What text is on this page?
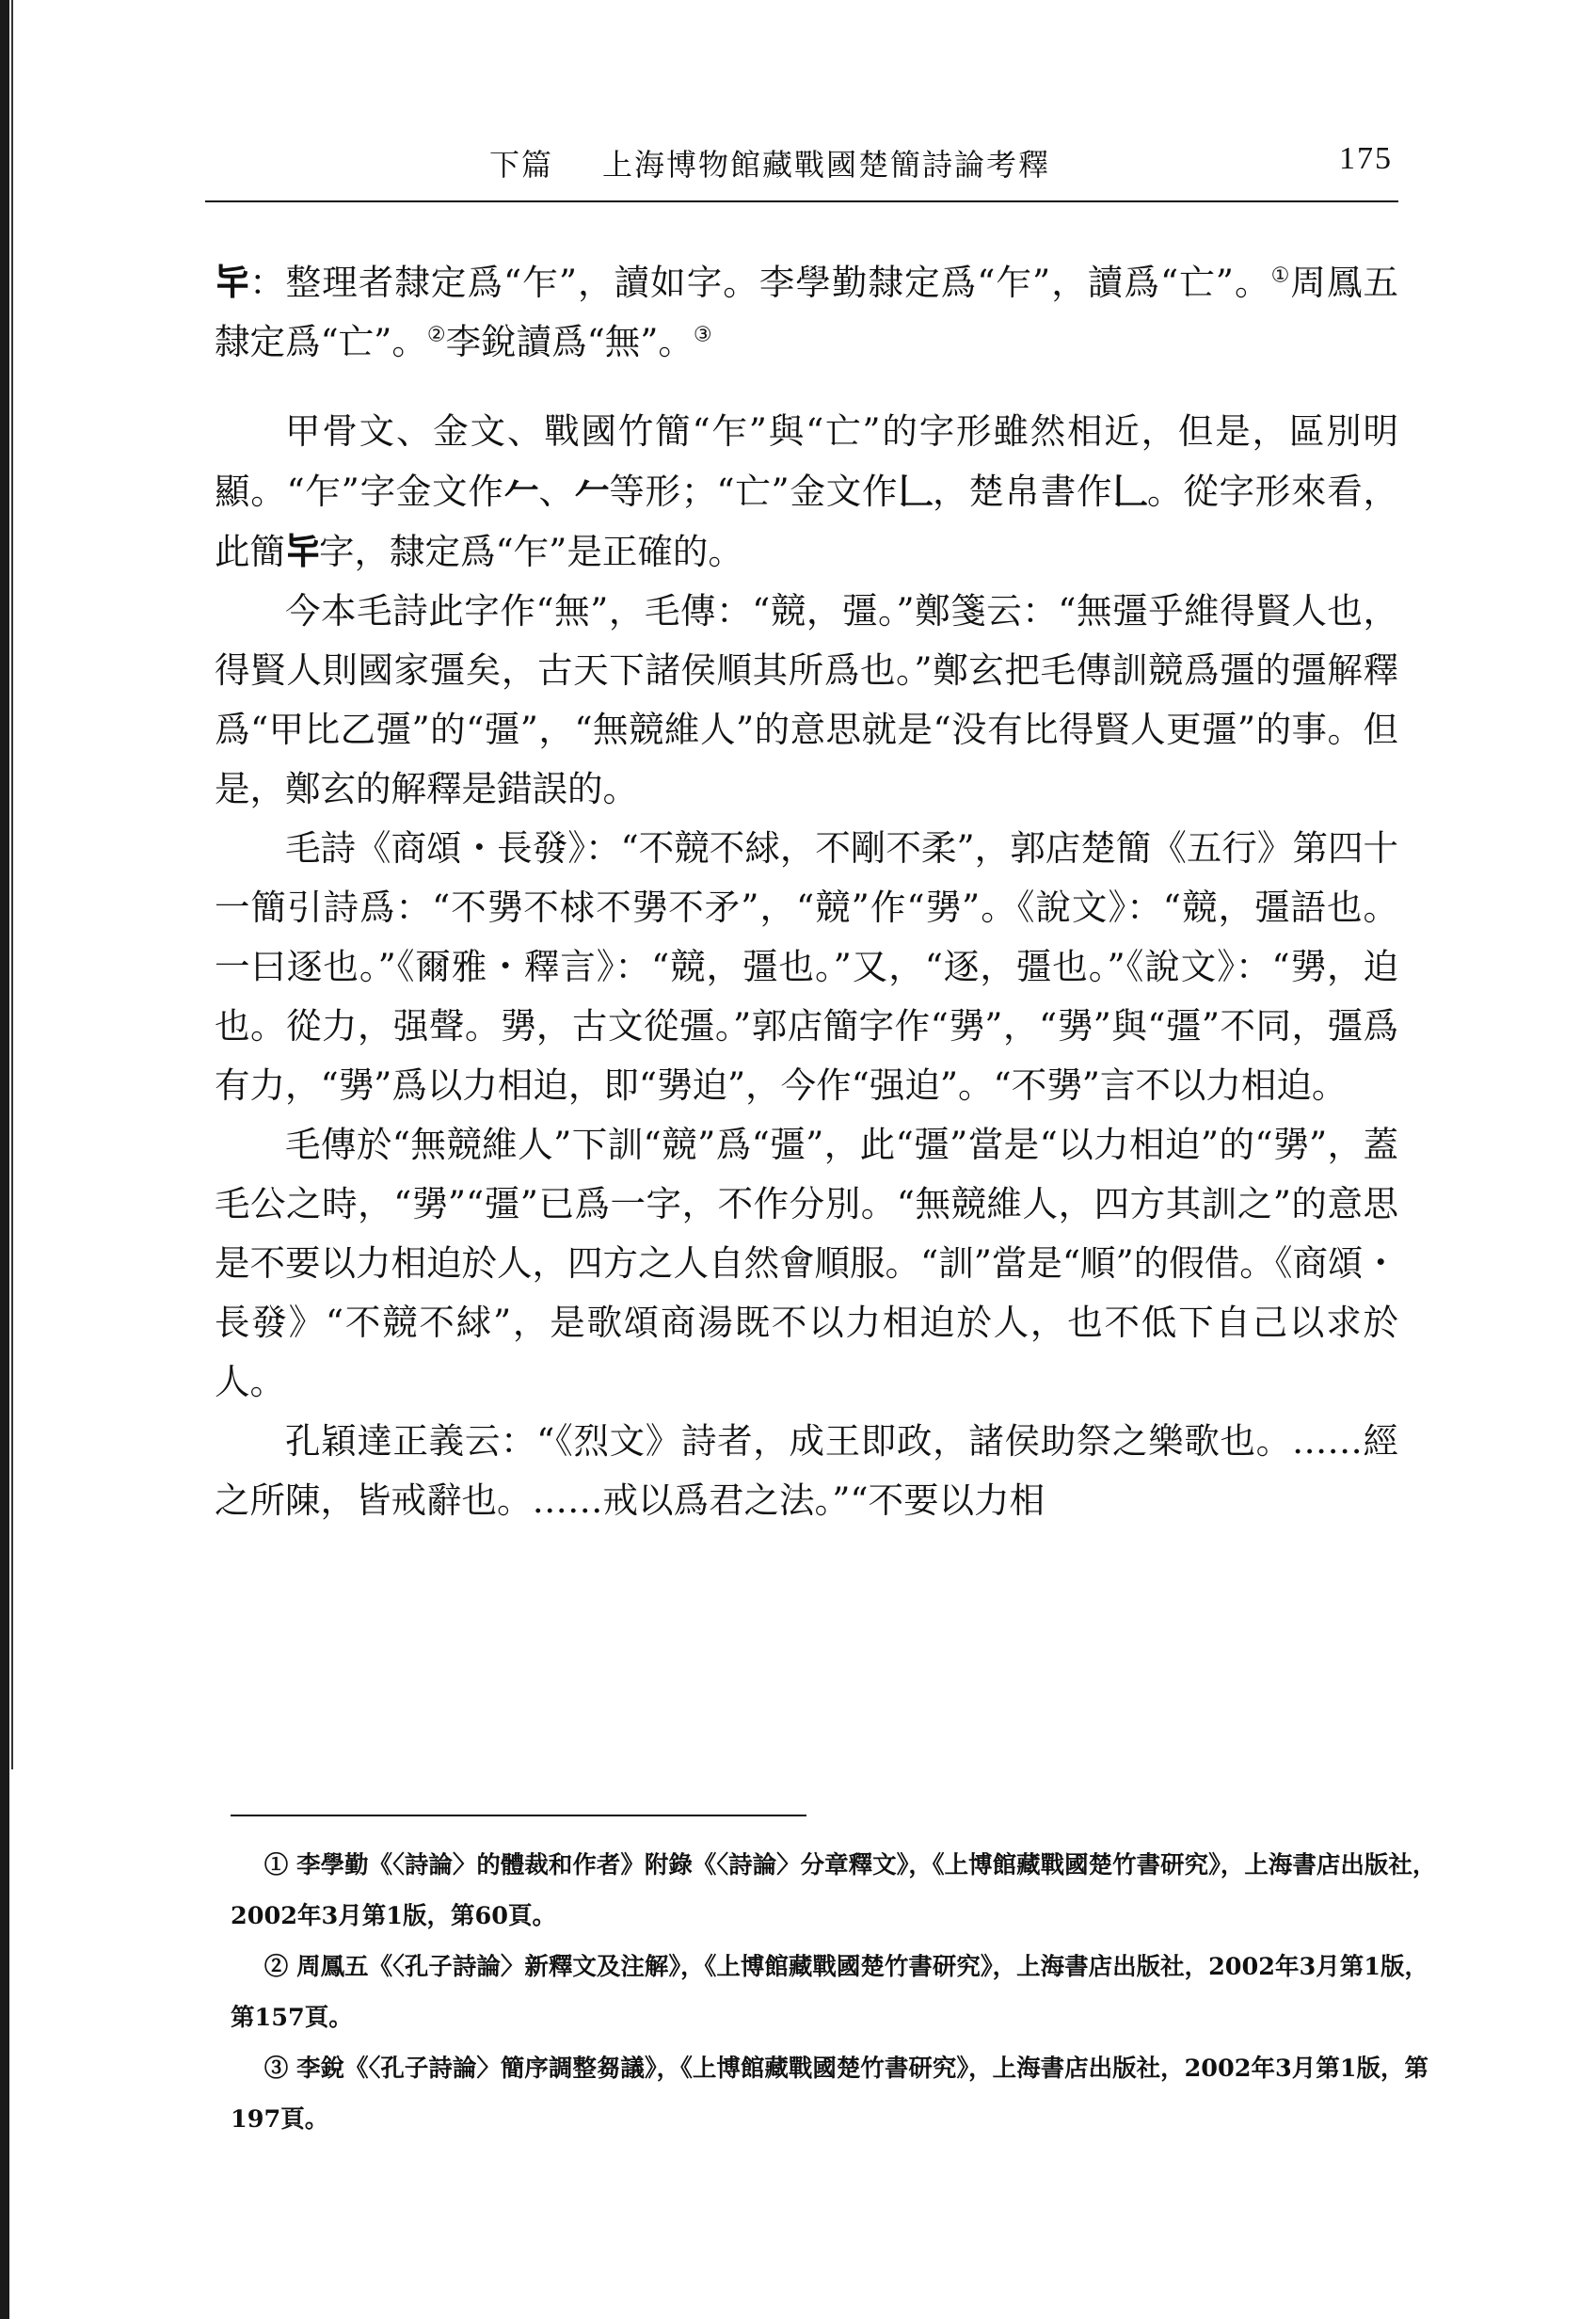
下篇 上海博物館藏戰國楚簡詩論考釋	175

𠤏：整理者隸定爲“乍”，讀如字。李學勤隸定爲“乍”，讀爲“亡”。①周鳳五隸定爲“亡”。②李銳讀爲“無”。③

甲骨文、金文、戰國竹簡“乍”與“亡”的字形雖然相近，但是，區別明顯。“乍”字金文作𠂉、𠂉等形；“亡”金文作𠃊，楚帛書作𠃊。從字形來看，此簡𠤏字，隸定爲“乍”是正確的。

今本毛詩此字作“無”，毛傳：“競，彊。”鄭箋云：“無彊乎維得賢人也，得賢人則國家彊矣，古天下諸侯順其所爲也。”鄭玄把毛傳訓競爲彊的彊解釋爲“甲比乙彊”的“彊”，“無競維人”的意思就是“没有比得賢人更彊”的事。但是，鄭玄的解釋是錯誤的。

毛詩《商頌・長發》：“不競不絿，不剛不柔”，郭店楚簡《五行》第四十一簡引詩爲：“不勥不梂不勥不矛”，“競”作“勥”。《說文》：“競，彊語也。一曰逐也。”《爾雅・釋言》：“競，彊也。”又，“逐，彊也。”《說文》：“勥，迫也。從力，强聲。勥，古文從彊。”郭店簡字作“勥”，“勥”與“彊”不同，彊爲有力，“勥”爲以力相迫，即“勥迫”，今作“强迫”。“不勥”言不以力相迫。

毛傳於“無競維人”下訓“競”爲“彊”，此“彊”當是“以力相迫”的“勥”，蓋毛公之時，“勥”“彊”已爲一字，不作分別。“無競維人，四方其訓之”的意思是不要以力相迫於人，四方之人自然會順服。“訓”當是“順”的假借。《商頌・長發》“不競不絿”，是歌頌商湯既不以力相迫於人，也不低下自己以求於人。

孔穎達正義云：“《烈文》詩者，成王即政，諸侯助祭之樂歌也。……經之所陳，皆戒辭也。……戒以爲君之法。”“不要以力相

① 李學勤《〈詩論〉的體裁和作者》附錄《〈詩論〉分章釋文》，《上博館藏戰國楚竹書研究》，上海書店出版社，2002年3月第1版，第60頁。

② 周鳳五《〈孔子詩論〉新釋文及注解》，《上博館藏戰國楚竹書研究》，上海書店出版社，2002年3月第1版，第157頁。

③ 李銳《〈孔子詩論〉簡序調整芻議》，《上博館藏戰國楚竹書研究》，上海書店出版社，2002年3月第1版，第197頁。
